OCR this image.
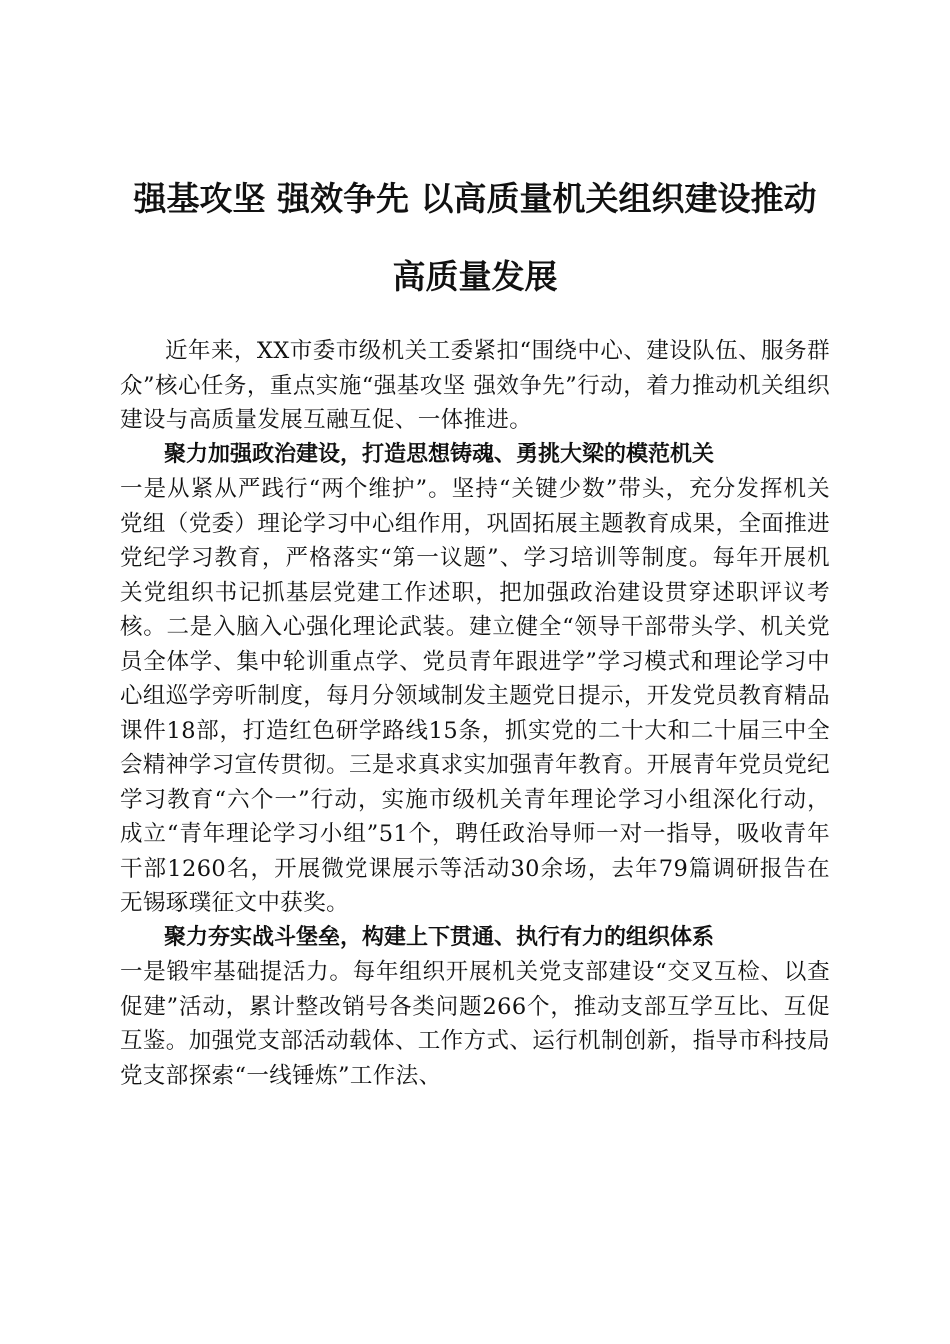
强基攻坚 强效争先 以高质量机关组织建设推动高质量发展

近年来，XX市委市级机关工委紧扣“围绕中心、建设队伍、服务群众”核心任务，重点实施“强基攻坚 强效争先”行动，着力推动机关组织建设与高质量发展互融互促、一体推进。

聚力加强政治建设，打造思想铸魂、勇挑大梁的模范机关

一是从紧从严践行“两个维护”。坚持“关键少数”带头，充分发挥机关党组（党委）理论学习中心组作用，巩固拓展主题教育成果，全面推进党纪学习教育，严格落实“第一议题”、学习培训等制度。每年开展机关党组织书记抓基层党建工作述职，把加强政治建设贯穿述职评议考核。二是入脑入心强化理论武装。建立健全“领导干部带头学、机关党员全体学、集中轮训重点学、党员青年跟进学”学习模式和理论学习中心组巡学旁听制度，每月分领域制发主题党日提示，开发党员教育精品课件18部，打造红色研学路线15条，抓实党的二十大和二十届三中全会精神学习宣传贯彻。三是求真求实加强青年教育。开展青年党员党纪学习教育“六个一”行动，实施市级机关青年理论学习小组深化行动，成立“青年理论学习小组”51个，聘任政治导师一对一指导，吸收青年干部1260名，开展微党课展示等活动30余场，去年79篇调研报告在无锡琢璞征文中获奖。

聚力夯实战斗堡垒，构建上下贯通、执行有力的组织体系

一是锻牢基础提活力。每年组织开展机关党支部建设“交叉互检、以查促建”活动，累计整改销号各类问题266个，推动支部互学互比、互促互鉴。加强党支部活动载体、工作方式、运行机制创新，指导市科技局党支部探索“一线锤炼”工作法、
